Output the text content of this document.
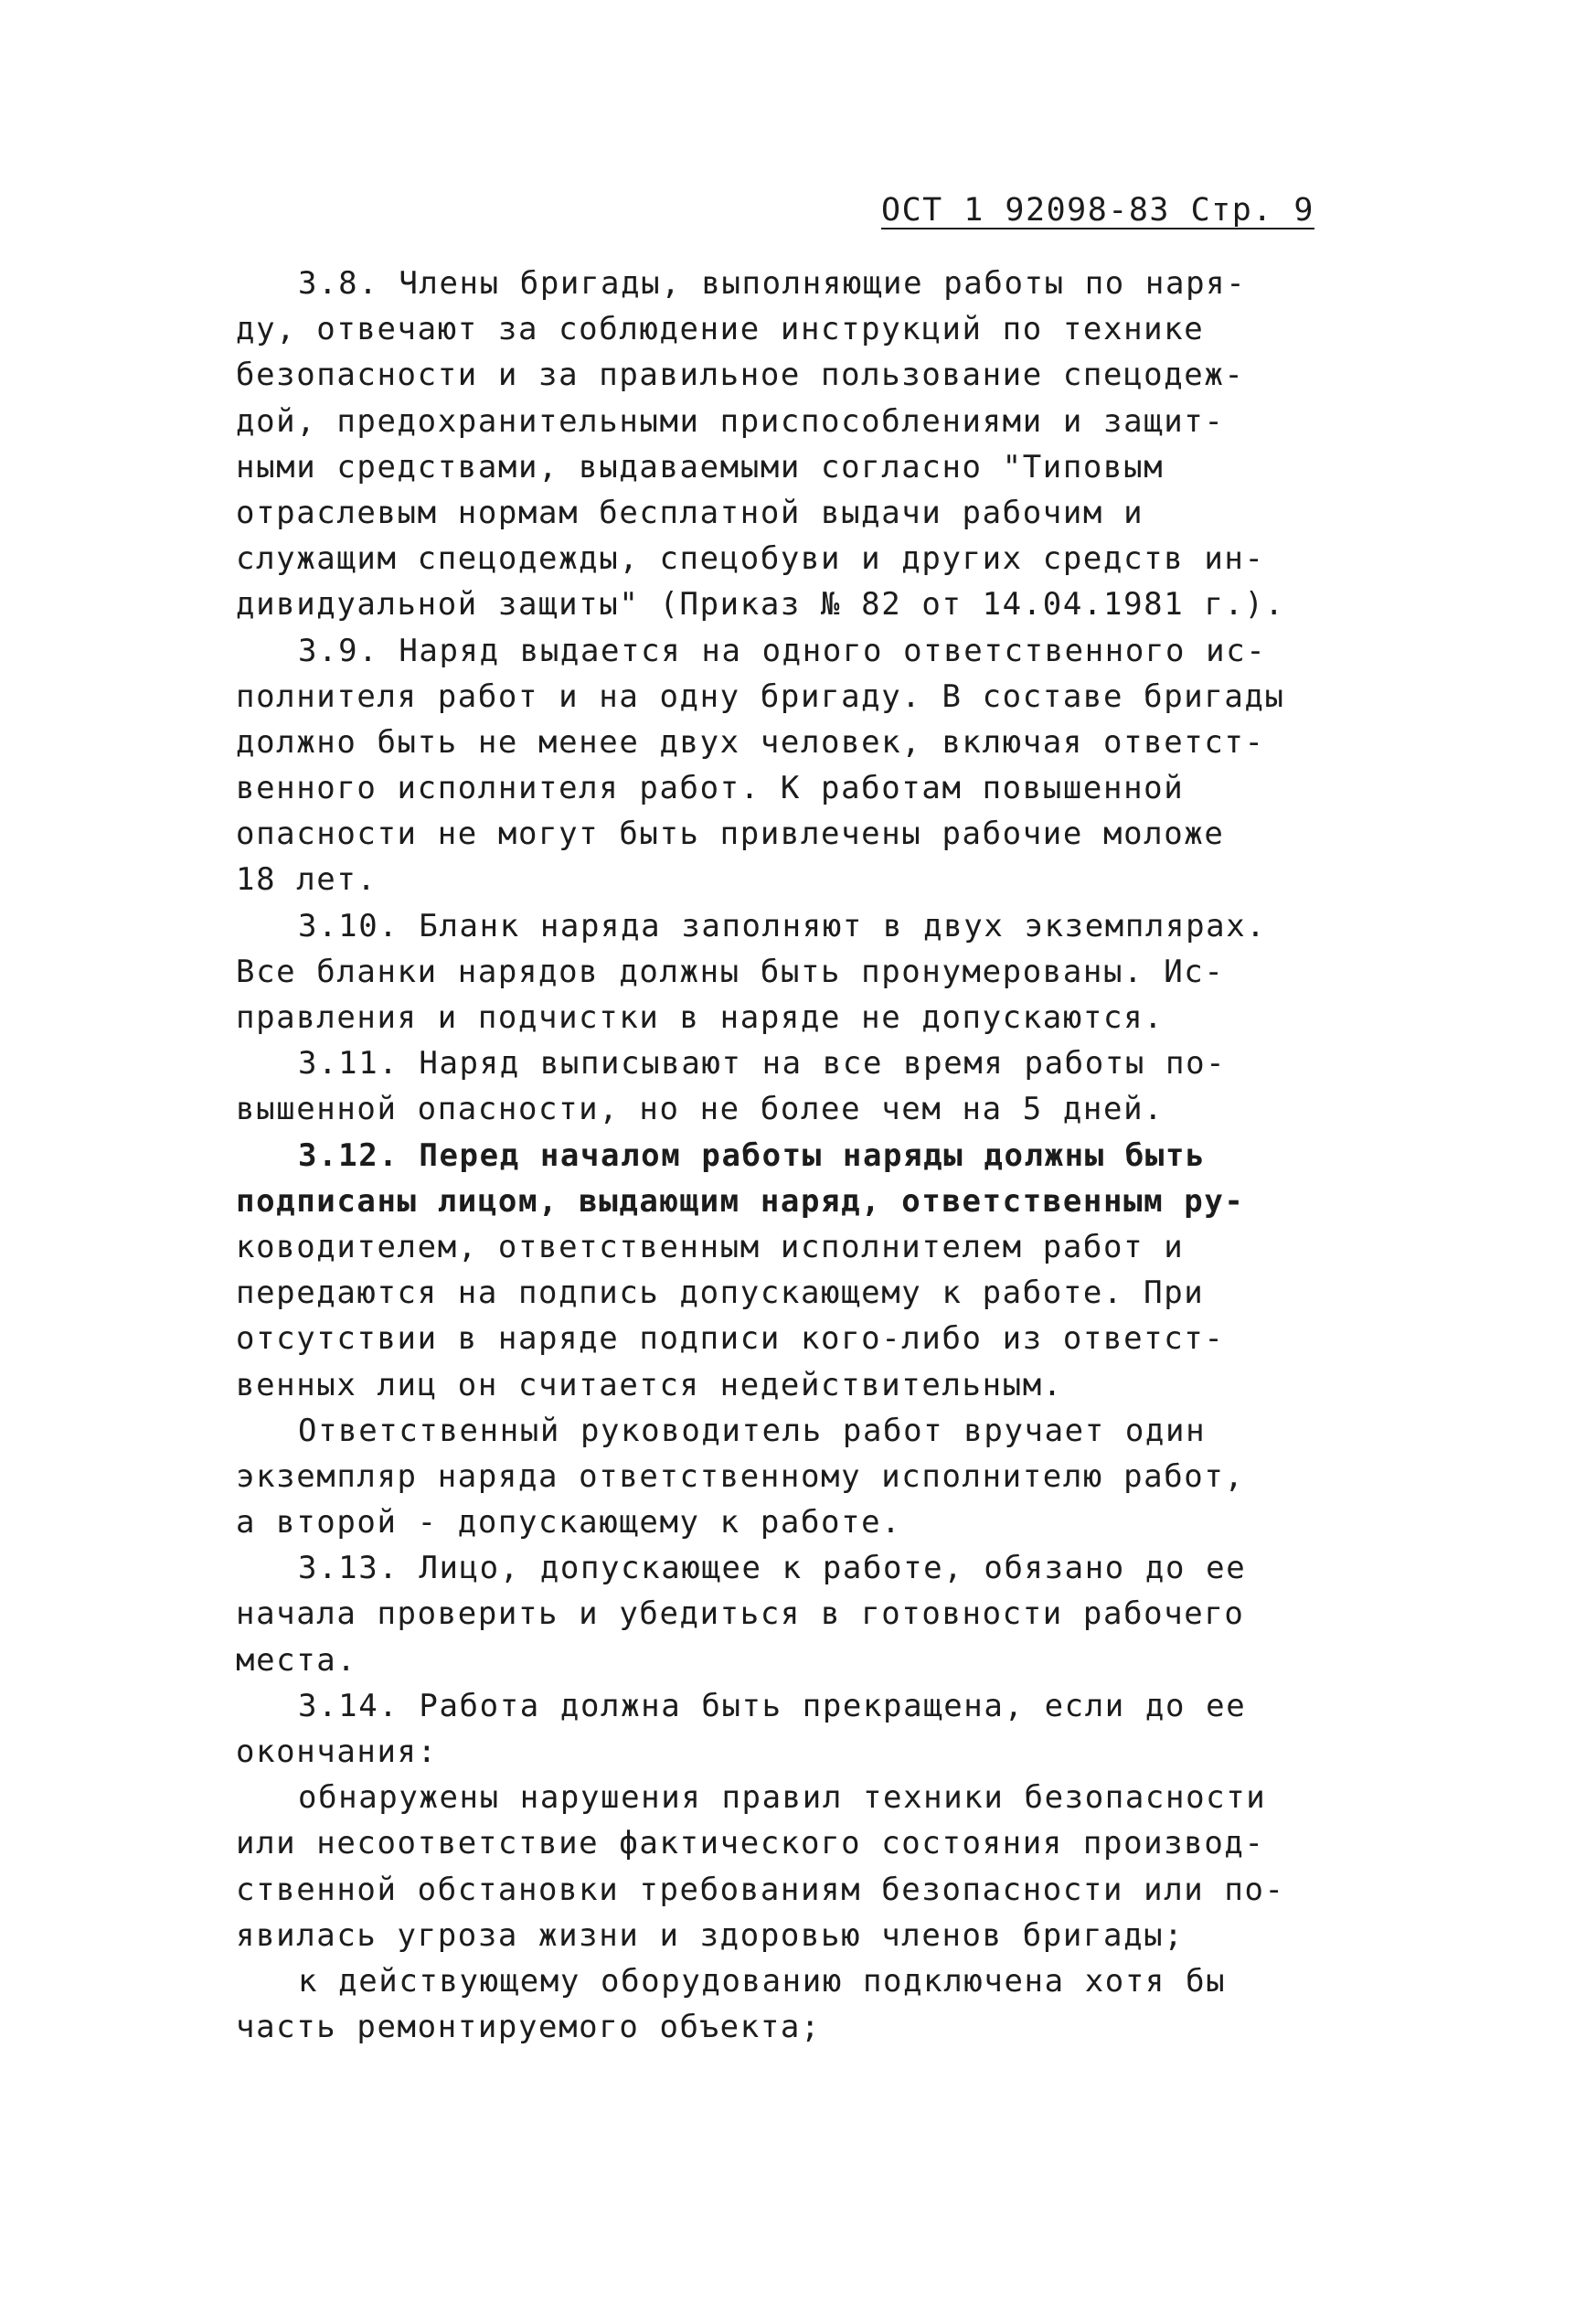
ОСТ 1 92098-83 Стр. 9
3.8. Члены бригады, выполняющие работы по наря-
ду, отвечают за соблюдение инструкций по технике
безопасности и за правильное пользование спецодеж-
дой, предохранительными приспособлениями и защит-
ными средствами, выдаваемыми согласно "Типовым
отраслевым нормам бесплатной выдачи рабочим и
служащим спецодежды, спецобуви и других средств ин-
дивидуальной защиты" (Приказ № 82 от 14.04.1981 г.).
3.9. Наряд выдается на одного ответственного ис-
полнителя работ и на одну бригаду. В составе бригады
должно быть не менее двух человек, включая ответст-
венного исполнителя работ. К работам повышенной
опасности не могут быть привлечены рабочие моложе
18 лет.
3.10. Бланк наряда заполняют в двух экземплярах.
Все бланки нарядов должны быть пронумерованы. Ис-
правления и подчистки в наряде не допускаются.
3.11. Наряд выписывают на все время работы по-
вышенной опасности, но не более чем на 5 дней.
3.12. Перед началом работы наряды должны быть
подписаны лицом, выдающим наряд, ответственным ру-
ководителем, ответственным исполнителем работ и
передаются на подпись допускающему к работе. При
отсутствии в наряде подписи кого-либо из ответст-
венных лиц он считается недействительным.
Ответственный руководитель работ вручает один
экземпляр наряда ответственному исполнителю работ,
а второй - допускающему к работе.
3.13. Лицо, допускающее к работе, обязано до ее
начала проверить и убедиться в готовности рабочего
места.
3.14. Работа должна быть прекращена, если до ее
окончания:
обнаружены нарушения правил техники безопасности
или несоответствие фактического состояния производ-
ственной обстановки требованиям безопасности или по-
явилась угроза жизни и здоровью членов бригады;
к действующему оборудованию подключена хотя бы
часть ремонтируемого объекта;
